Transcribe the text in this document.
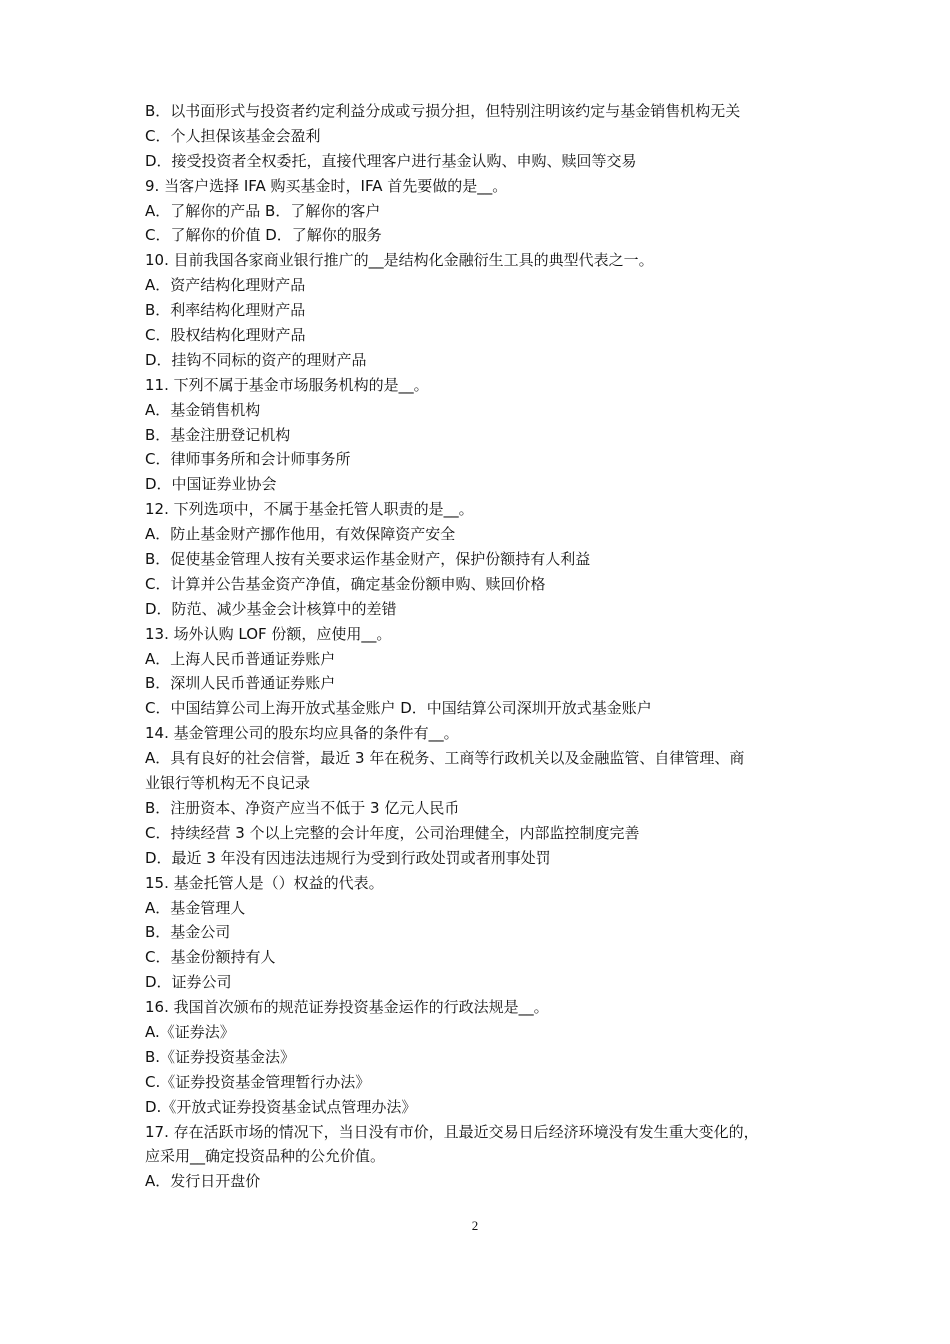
B．以书面形式与投资者约定利益分成或亏损分担，但特别注明该约定与基金销售机构无关
C．个人担保该基金会盈利
D．接受投资者全权委托，直接代理客户进行基金认购、申购、赎回等交易
9. 当客户选择 IFA 购买基金时，IFA 首先要做的是__。
A．了解你的产品 B．了解你的客户
C．了解你的价值 D．了解你的服务
10. 目前我国各家商业银行推广的__是结构化金融衍生工具的典型代表之一。
A．资产结构化理财产品
B．利率结构化理财产品
C．股权结构化理财产品
D．挂钩不同标的资产的理财产品
11. 下列不属于基金市场服务机构的是__。
A．基金销售机构
B．基金注册登记机构
C．律师事务所和会计师事务所
D．中国证券业协会
12. 下列选项中，不属于基金托管人职责的是__。
A．防止基金财产挪作他用，有效保障资产安全
B．促使基金管理人按有关要求运作基金财产，保护份额持有人利益
C．计算并公告基金资产净值，确定基金份额申购、赎回价格
D．防范、减少基金会计核算中的差错
13. 场外认购 LOF 份额，应使用__。
A．上海人民币普通证券账户
B．深圳人民币普通证券账户
C．中国结算公司上海开放式基金账户 D．中国结算公司深圳开放式基金账户
14. 基金管理公司的股东均应具备的条件有__。
A．具有良好的社会信誉，最近 3 年在税务、工商等行政机关以及金融监管、自律管理、商
业银行等机构无不良记录
B．注册资本、净资产应当不低于 3 亿元人民币
C．持续经营 3 个以上完整的会计年度，公司治理健全，内部监控制度完善
D．最近 3 年没有因违法违规行为受到行政处罚或者刑事处罚
15. 基金托管人是（）权益的代表。
A．基金管理人
B．基金公司
C．基金份额持有人
D．证券公司
16. 我国首次颁布的规范证券投资基金运作的行政法规是__。
A.《证券法》
B.《证券投资基金法》
C.《证券投资基金管理暂行办法》
D.《开放式证券投资基金试点管理办法》
17. 存在活跃市场的情况下，当日没有市价，且最近交易日后经济环境没有发生重大变化的，
应采用__确定投资品种的公允价值。
A．发行日开盘价
2
